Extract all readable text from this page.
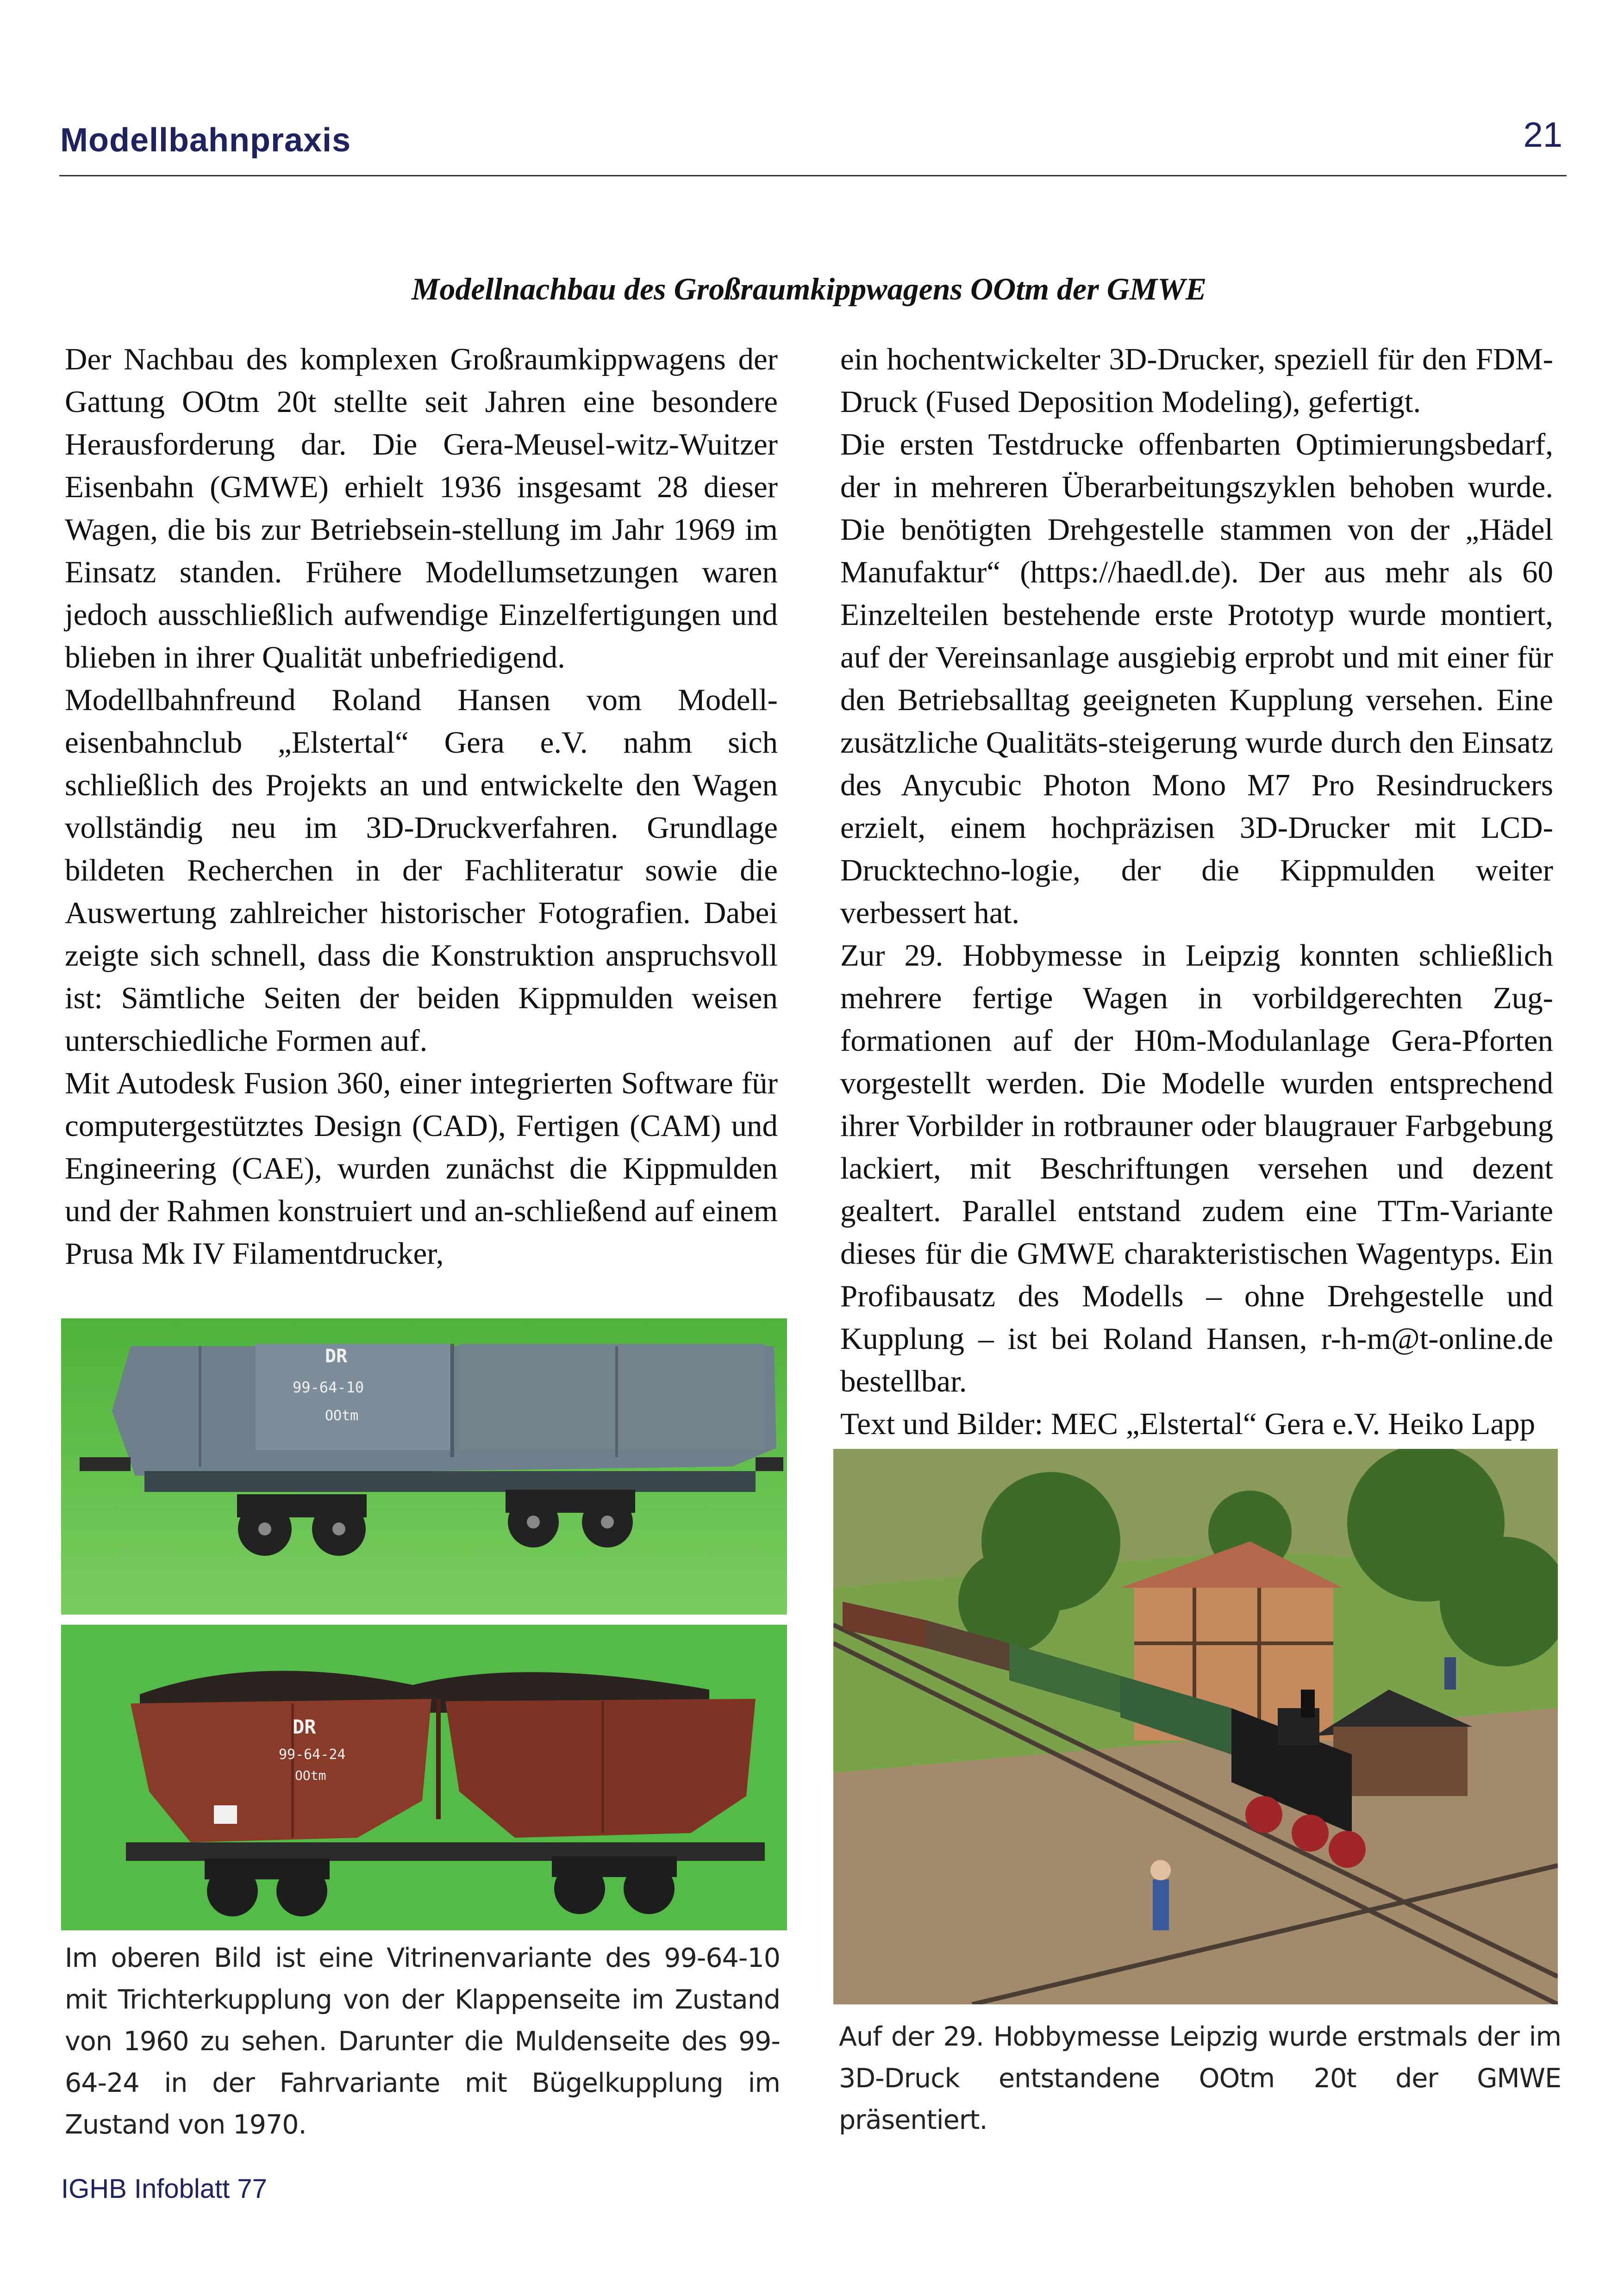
Modellbahnpraxis	21
Modellnachbau des Großraumkippwagens OOtm der GMWE

Der Nachbau des komplexen Großraumkippwagens der Gattung OOtm 20t stellte seit Jahren eine besondere Herausforderung dar. Die Gera-Meusel-witz-Wuitzer Eisenbahn (GMWE) erhielt 1936 insgesamt 28 dieser Wagen, die bis zur Betriebsein-stellung im Jahr 1969 im Einsatz standen. Frühere Modellumsetzungen waren jedoch ausschließlich aufwendige Einzelfertigungen und blieben in ihrer Qualität unbefriedigend.

Modellbahnfreund Roland Hansen vom Modell-eisenbahnclub „Elstertal“ Gera e.V. nahm sich schließlich des Projekts an und entwickelte den Wagen vollständig neu im 3D-Druckverfahren. Grundlage bildeten Recherchen in der Fachliteratur sowie die Auswertung zahlreicher historischer Fotografien. Dabei zeigte sich schnell, dass die Konstruktion anspruchsvoll ist: Sämtliche Seiten der beiden Kippmulden weisen unterschiedliche Formen auf.

Mit Autodesk Fusion 360, einer integrierten Software für computergestütztes Design (CAD), Fertigen (CAM) und Engineering (CAE), wurden zunächst die Kippmulden und der Rahmen konstruiert und an-schließend auf einem Prusa Mk IV Filamentdrucker,

ein hochentwickelter 3D-Drucker, speziell für den FDM-Druck (Fused Deposition Modeling), gefertigt.

Die ersten Testdrucke offenbarten Optimierungsbedarf, der in mehreren Überarbeitungszyklen behoben wurde. Die benötigten Drehgestelle stammen von der „Hädel Manufaktur“ (https://haedl.de). Der aus mehr als 60 Einzelteilen bestehende erste Prototyp wurde montiert, auf der Vereinsanlage ausgiebig erprobt und mit einer für den Betriebsalltag geeigneten Kupplung versehen. Eine zusätzliche Qualitäts-steigerung wurde durch den Einsatz des Anycubic Photon Mono M7 Pro Resindruckers erzielt, einem hochpräzisen 3D-Drucker mit LCD-Drucktechno-logie, der die Kippmulden weiter verbessert hat.

Zur 29. Hobbymesse in Leipzig konnten schließlich mehrere fertige Wagen in vorbildgerechten Zug-formationen auf der H0m-Modulanlage Gera-Pforten vorgestellt werden. Die Modelle wurden entsprechend ihrer Vorbilder in rotbrauner oder blaugrauer Farbgebung lackiert, mit Beschriftungen versehen und dezent gealtert. Parallel entstand zudem eine TTm-Variante dieses für die GMWE charakteristischen Wagentyps. Ein Profibausatz des Modells – ohne Drehgestelle und Kupplung – ist bei Roland Hansen, r-h-m@t-online.de bestellbar.

Text und Bilder: MEC „Elstertal“ Gera e.V. Heiko Lapp

DR
99-64-10
OOtm
DR
99-64-24
OOtm
Im oberen Bild ist eine Vitrinenvariante des 99-64-10 mit Trichterkupplung von der Klappenseite im Zustand von 1960 zu sehen. Darunter die Muldenseite des 99-64-24 in der Fahrvariante mit Bügelkupplung im Zustand von 1970.
Auf der 29. Hobbymesse Leipzig wurde erstmals der im 3D-Druck entstandene OOtm 20t der GMWE präsentiert.
IGHB Infoblatt 77
